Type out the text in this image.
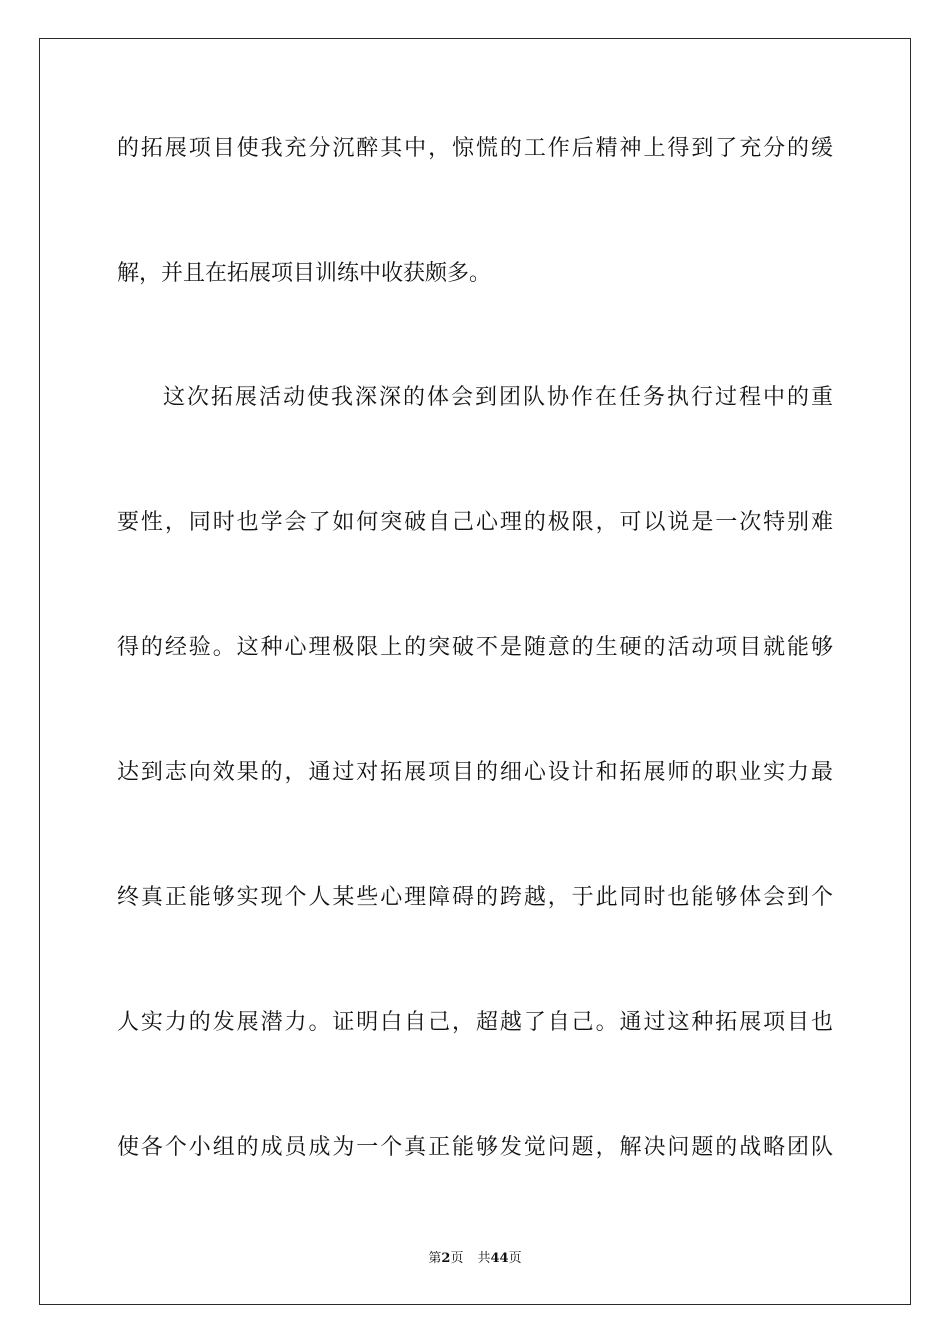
的拓展项目使我充分沉醉其中，惊慌的工作后精神上得到了充分的缓

解，并且在拓展项目训练中收获颇多。

这次拓展活动使我深深的体会到团队协作在任务执行过程中的重

要性，同时也学会了如何突破自己心理的极限，可以说是一次特别难

得的经验。这种心理极限上的突破不是随意的生硬的活动项目就能够

达到志向效果的，通过对拓展项目的细心设计和拓展师的职业实力最

终真正能够实现个人某些心理障碍的跨越，于此同时也能够体会到个

人实力的发展潜力。证明白自己，超越了自己。通过这种拓展项目也

使各个小组的成员成为一个真正能够发觉问题，解决问题的战略团队

第2页 共44页
